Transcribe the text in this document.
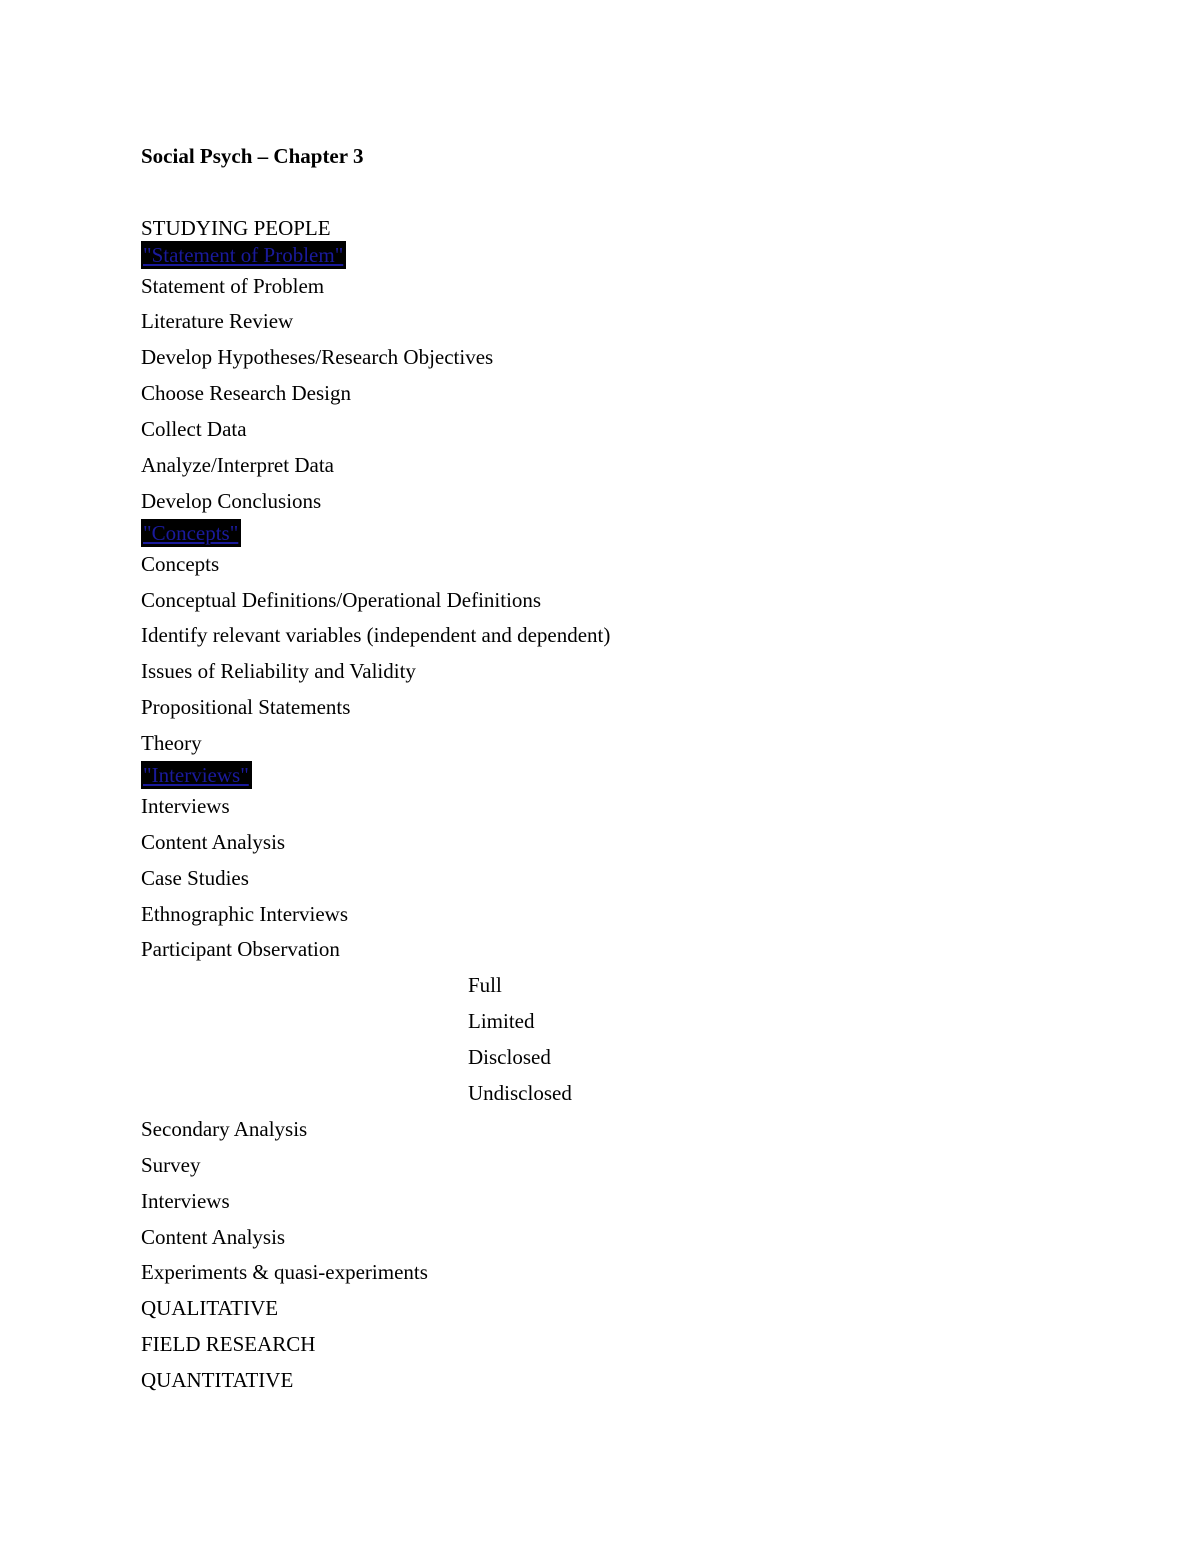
Social Psych – Chapter 3
STUDYING PEOPLE
"Statement of Problem"
Statement of Problem
Literature Review
Develop Hypotheses/Research Objectives
Choose Research Design
Collect Data
Analyze/Interpret Data
Develop Conclusions
"Concepts"
Concepts
Conceptual Definitions/Operational Definitions
Identify relevant variables (independent and dependent)
Issues of Reliability and Validity
Propositional Statements
Theory
"Interviews"
Interviews
Content Analysis
Case Studies
Ethnographic Interviews
Participant Observation
Full
Limited
Disclosed
Undisclosed
Secondary Analysis
Survey
Interviews
Content Analysis
Experiments & quasi-experiments
QUALITATIVE
FIELD RESEARCH
QUANTITATIVE
